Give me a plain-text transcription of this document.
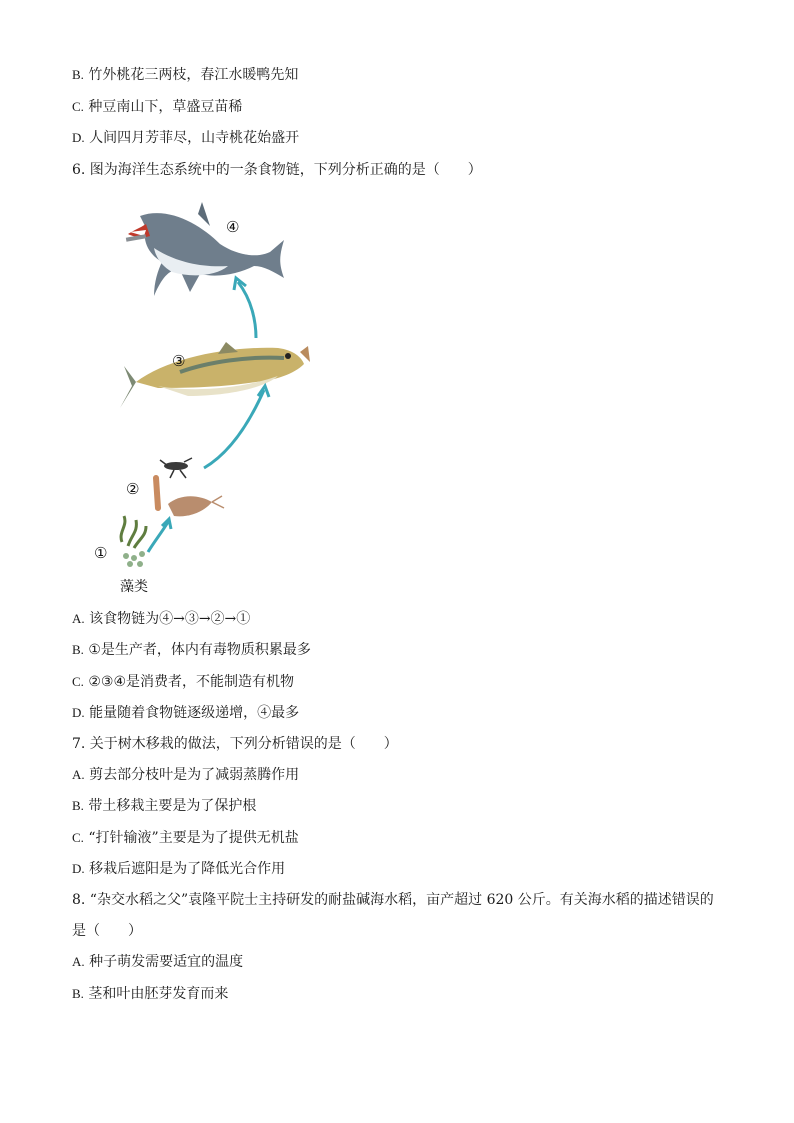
B. 竹外桃花三两枝，春江水暖鸭先知
C. 种豆南山下，草盛豆苗稀
D. 人间四月芳菲尽，山寺桃花始盛开
6. 图为海洋生态系统中的一条食物链，下列分析正确的是（　　）
④
③
②
①
藻类
A. 该食物链为④→③→②→①
B. ①是生产者，体内有毒物质积累最多
C. ②③④是消费者，不能制造有机物
D. 能量随着食物链逐级递增，④最多
7. 关于树木移栽的做法，下列分析错误的是（　　）
A. 剪去部分枝叶是为了减弱蒸腾作用
B. 带土移栽主要是为了保护根
C. “打针输液”主要是为了提供无机盐
D. 移栽后遮阳是为了降低光合作用
8. “杂交水稻之父”袁隆平院士主持研发的耐盐碱海水稻，亩产超过 620 公斤。有关海水稻的描述错误的
是（　　）
A. 种子萌发需要适宜的温度
B. 茎和叶由胚芽发育而来
